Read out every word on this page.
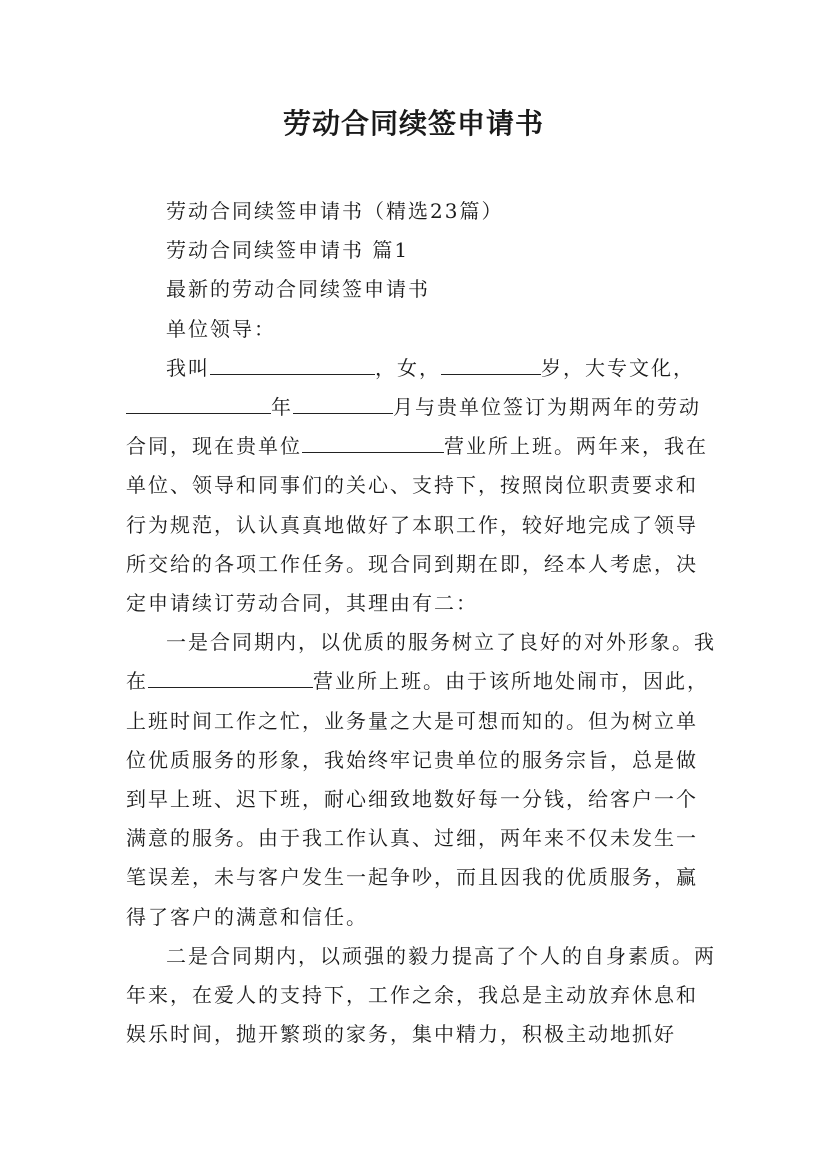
劳动合同续签申请书

劳动合同续签申请书（精选23篇）

劳动合同续签申请书 篇1

最新的劳动合同续签申请书

单位领导：

我叫	，女，	岁，大专文化，年	月与贵单位签订为期两年的劳动合同，现在贵单位	营业所上班。两年来，我在单位、领导和同事们的关心、支持下，按照岗位职责要求和行为规范，认认真真地做好了本职工作，较好地完成了领导所交给的各项工作任务。现合同到期在即，经本人考虑，决定申请续订劳动合同，其理由有二：

一是合同期内，以优质的服务树立了良好的对外形象。我在	营业所上班。由于该所地处闹市，因此，上班时间工作之忙，业务量之大是可想而知的。但为树立单位优质服务的形象，我始终牢记贵单位的服务宗旨，总是做到早上班、迟下班，耐心细致地数好每一分钱，给客户一个满意的服务。由于我工作认真、过细，两年来不仅未发生一笔误差，未与客户发生一起争吵，而且因我的优质服务，赢得了客户的满意和信任。

二是合同期内，以顽强的毅力提高了个人的自身素质。两年来，在爱人的支持下，工作之余，我总是主动放弃休息和娱乐时间，抛开繁琐的家务，集中精力，积极主动地抓好
